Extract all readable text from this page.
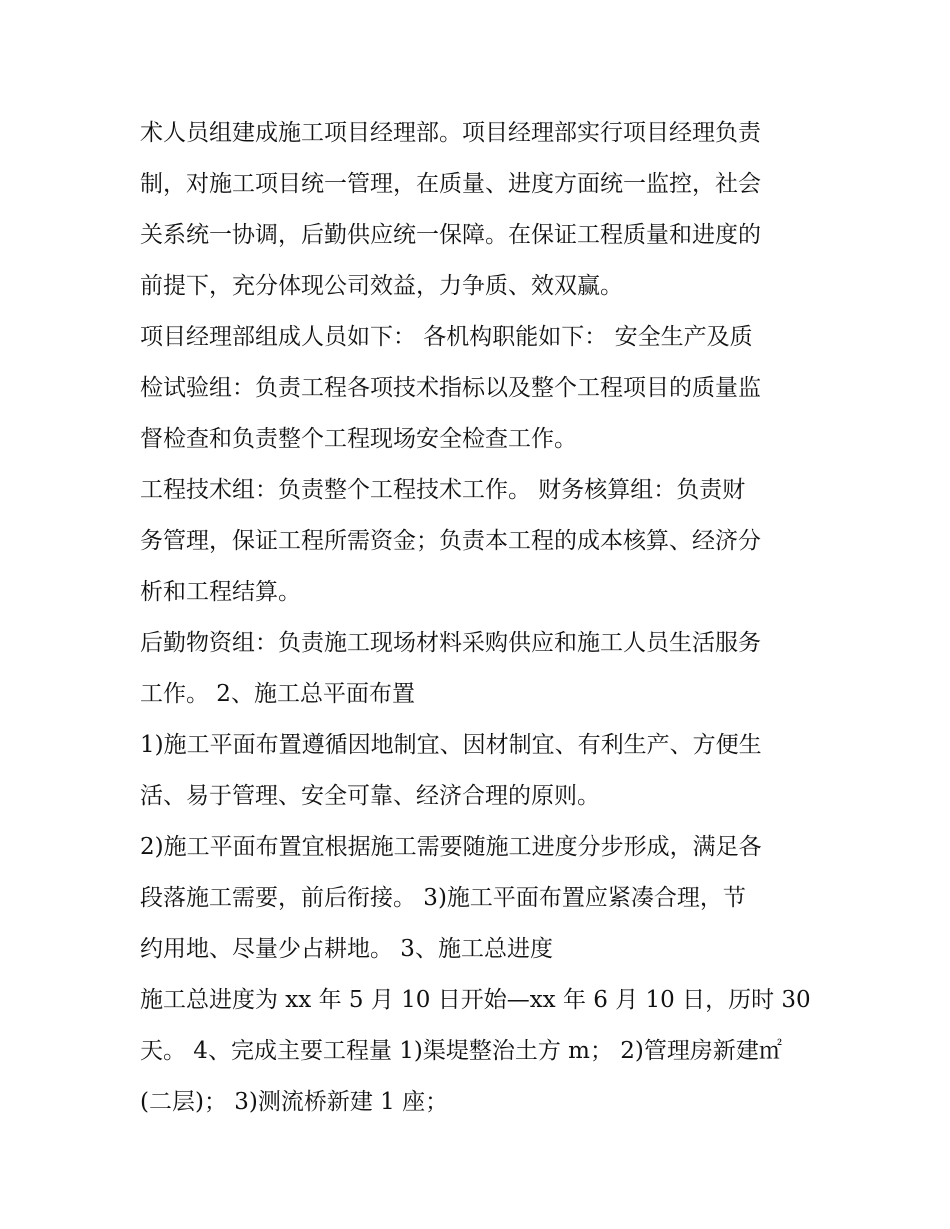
术人员组建成施工项目经理部。项目经理部实行项目经理负责
制，对施工项目统一管理，在质量、进度方面统一监控，社会
关系统一协调，后勤供应统一保障。在保证工程质量和进度的
前提下，充分体现公司效益，力争质、效双赢。
项目经理部组成人员如下： 各机构职能如下： 安全生产及质
检试验组：负责工程各项技术指标以及整个工程项目的质量监
督检查和负责整个工程现场安全检查工作。
工程技术组：负责整个工程技术工作。 财务核算组：负责财
务管理，保证工程所需资金；负责本工程的成本核算、经济分
析和工程结算。
后勤物资组：负责施工现场材料采购供应和施工人员生活服务
工作。 2、施工总平面布置
1)施工平面布置遵循因地制宜、因材制宜、有利生产、方便生
活、易于管理、安全可靠、经济合理的原则。
2)施工平面布置宜根据施工需要随施工进度分步形成，满足各
段落施工需要，前后衔接。 3)施工平面布置应紧凑合理，节
约用地、尽量少占耕地。 3、施工总进度
施工总进度为 xx 年 5 月 10 日开始—xx 年 6 月 10 日，历时 30
天。 4、完成主要工程量 1)渠堤整治土方 m； 2)管理房新建㎡
(二层)； 3)测流桥新建 1 座；
